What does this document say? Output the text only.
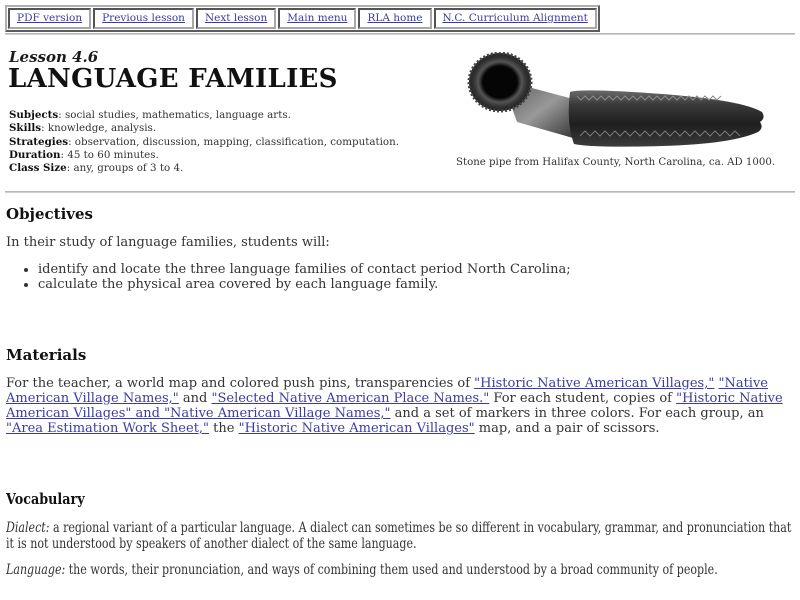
PDF version	Previous lesson	Next lesson	Main menu	RLA home	N.C. Curriculum Alignment
Lesson 4.6
LANGUAGE FAMILIES
Subjects: social studies, mathematics, language arts.
Skills: knowledge, analysis.
Strategies: observation, discussion, mapping, classification, computation.
Duration: 45 to 60 minutes.
Class Size: any, groups of 3 to 4.	Stone pipe from Halifax County, North Carolina, ca. AD 1000.
Objectives
In their study of language families, students will:
• identify and locate the three language families of contact period North Carolina;
• calculate the physical area covered by each language family.
Materials
For the teacher, a world map and colored push pins, transparencies of "Historic Native American Villages," "Native American Village Names," and "Selected Native American Place Names." For each student, copies of "Historic Native American Villages" and "Native American Village Names," and a set of markers in three colors. For each group, an "Area Estimation Work Sheet," the "Historic Native American Villages" map, and a pair of scissors.
Vocabulary
Dialect: a regional variant of a particular language. A dialect can sometimes be so different in vocabulary, grammar, and pronunciation that it is not understood by speakers of another dialect of the same language.
Language: the words, their pronunciation, and ways of combining them used and understood by a broad community of people.
